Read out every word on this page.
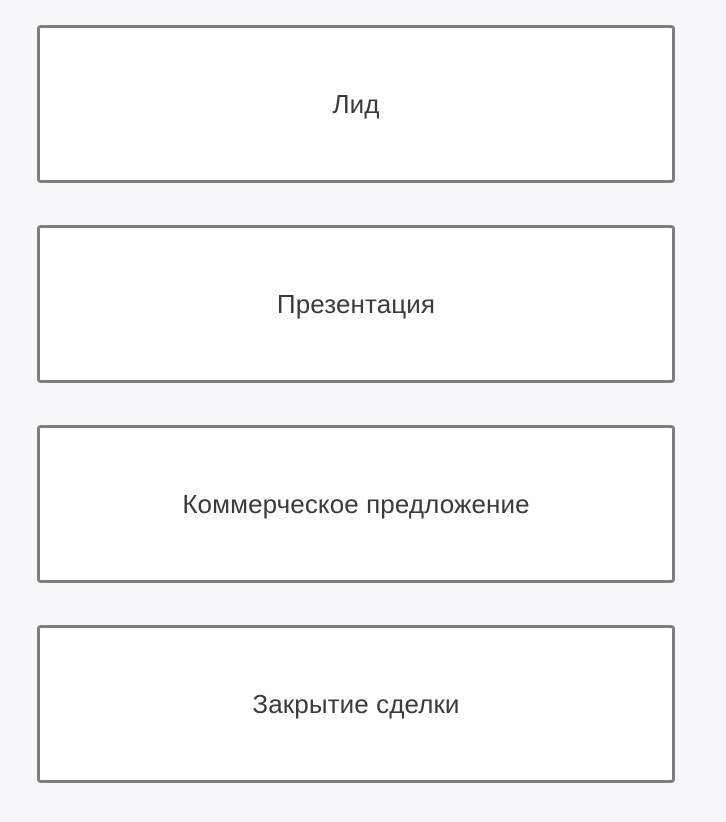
Лид
Презентация
Коммерческое предложение
Закрытие сделки
